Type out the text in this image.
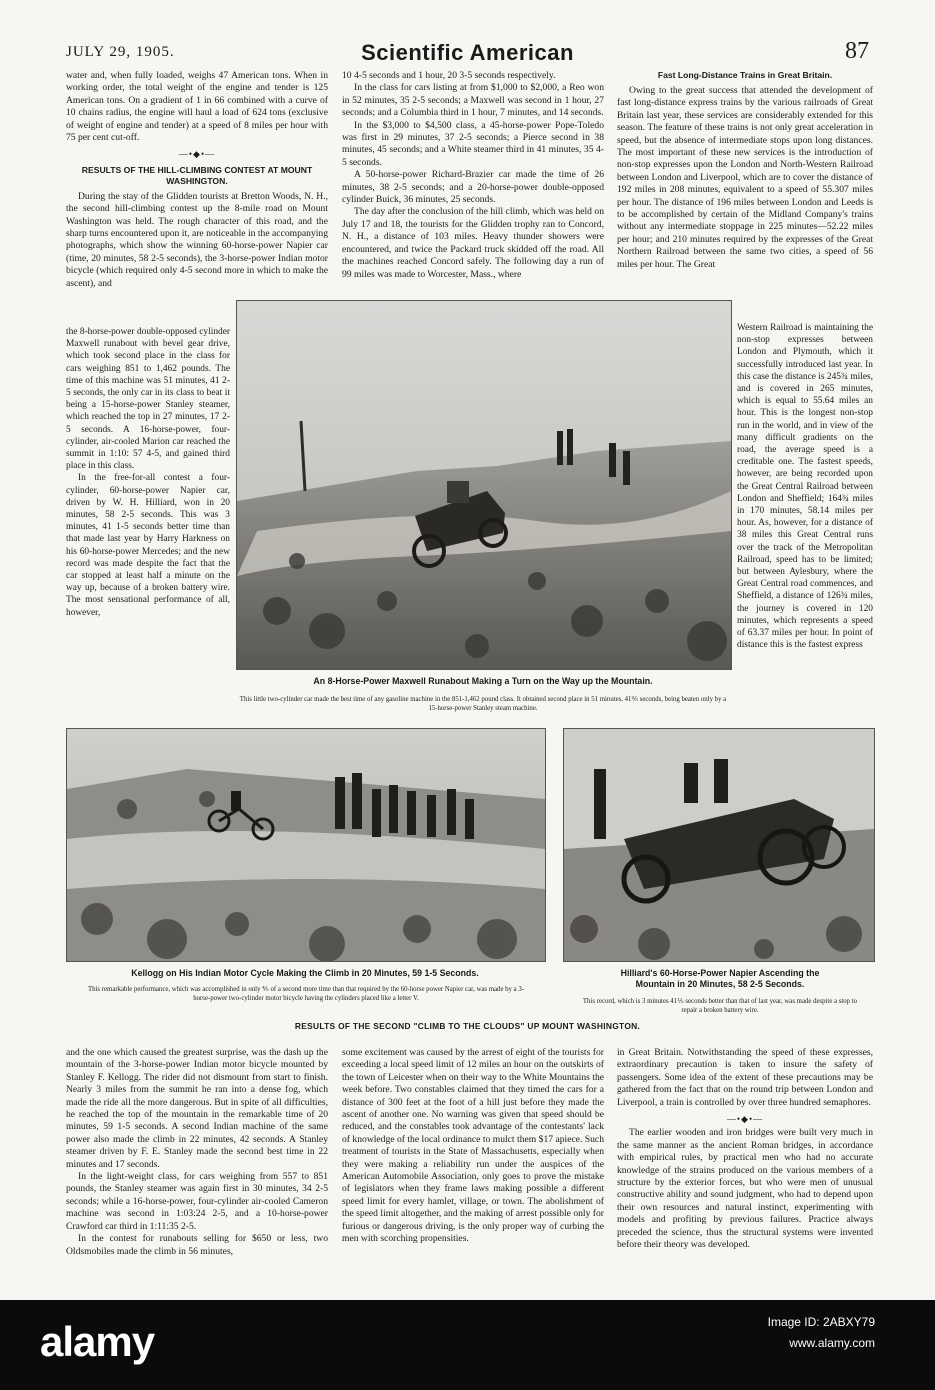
JULY 29, 1905.	Scientific American	87

water and, when fully loaded, weighs 47 American tons. When in working order, the total weight of the engine and tender is 125 American tons. On a gradient of 1 in 66 combined with a curve of 10 chains radius, the engine will haul a load of 624 tons (exclusive of weight of engine and tender) at a speed of 8 miles per hour with 75 per cent cut-off.

—•◆•—
RESULTS OF THE HILL-CLIMBING CONTEST AT MOUNT WASHINGTON.

During the stay of the Glidden tourists at Bretton Woods, N. H., the second hill-climbing contest up the 8-mile road on Mount Washington was held. The rough character of this road, and the sharp turns encountered upon it, are noticeable in the accompanying photographs, which show the winning 60-horse-power Napier car (time, 20 minutes, 58 2-5 seconds), the 3-horse-power Indian motor bicycle (which required only 4-5 second more in which to make the ascent), and

the 8-horse-power double-opposed cylinder Maxwell runabout with bevel gear drive, which took second place in the class for cars weighing 851 to 1,462 pounds. The time of this machine was 51 minutes, 41 2-5 seconds, the only car in its class to beat it being a 15-horse-power Stanley steamer, which reached the top in 27 minutes, 17 2-5 seconds. A 16-horse-power, four-cylinder, air-cooled Marion car reached the summit in 1:10: 57 4-5, and gained third place in this class.

In the free-for-all contest a four-cylinder, 60-horse-power Napier car, driven by W. H. Hilliard, won in 20 minutes, 58 2-5 seconds. This was 3 minutes, 41 1-5 seconds better time than that made last year by Harry Harkness on his 60-horse-power Mercedes; and the new record was made despite the fact that the car stopped at least half a minute on the way up, because of a broken battery wire. The most sensational performance of all, however,

10 4-5 seconds and 1 hour, 20 3-5 seconds respectively.

In the class for cars listing at from $1,000 to $2,000, a Reo won in 52 minutes, 35 2-5 seconds; a Maxwell was second in 1 hour, 27 seconds; and a Columbia third in 1 hour, 7 minutes, and 14 seconds.

In the $3,000 to $4,500 class, a 45-horse-power Pope-Toledo was first in 29 minutes, 37 2-5 seconds; a Pierce second in 38 minutes, 45 seconds; and a White steamer third in 41 minutes, 35 4-5 seconds.

A 50-horse-power Richard-Brazier car made the time of 26 minutes, 38 2-5 seconds; and a 20-horse-power double-opposed cylinder Buick, 36 minutes, 25 seconds.

The day after the conclusion of the hill climb, which was held on July 17 and 18, the tourists for the Glidden trophy ran to Concord, N. H., a distance of 103 miles. Heavy thunder showers were encountered, and twice the Packard truck skidded off the road. All the machines reached Concord safely. The following day a run of 99 miles was made to Worcester, Mass., where

Fast Long-Distance Trains in Great Britain.

Owing to the great success that attended the development of fast long-distance express trains by the various railroads of Great Britain last year, these services are considerably extended for this season. The feature of these trains is not only great acceleration in speed, but the absence of intermediate stops upon long distances. The most important of these new services is the introduction of non-stop expresses upon the London and North-Western Railroad between London and Liverpool, which are to cover the distance of 192 miles in 208 minutes, equivalent to a speed of 55.307 miles per hour. The distance of 196 miles between London and Leeds is to be accomplished by certain of the Midland Company's trains without any intermediate stoppage in 225 minutes—52.22 miles per hour; and 210 minutes required by the expresses of the Great Northern Railroad between the same two cities, a speed of 56 miles per hour. The Great

Western Railroad is maintaining the non-stop expresses between London and Plymouth, which it successfully introduced last year. In this case the distance is 245¾ miles, and is covered in 265 minutes, which is equal to 55.64 miles an hour. This is the longest non-stop run in the world, and in view of the many difficult gradients on the road, the average speed is a creditable one. The fastest speeds, however, are being recorded upon the Great Central Railroad between London and Sheffield; 164¾ miles in 170 minutes, 58.14 miles per hour. As, however, for a distance of 38 miles this Great Central runs over the track of the Metropolitan Railroad, speed has to be limited; but between Aylesbury, where the Great Central road commences, and Sheffield, a distance of 126¾ miles, the journey is covered in 120 minutes, which represents a speed of 63.37 miles per hour. In point of distance this is the fastest express

An 8-Horse-Power Maxwell Runabout Making a Turn on the Way up the Mountain.
This little two-cylinder car made the best time of any gasoline machine in the 851-1,462 pound class. It obtained second place in 51 minutes, 41⅖ seconds, being beaten only by a 15-horse-power Stanley steam machine.
Kellogg on His Indian Motor Cycle Making the Climb in 20 Minutes, 59 1-5 Seconds.
This remarkable performance, which was accomplished in only ⅘ of a second more time than that required by the 60-horse power Napier car, was made by a 3-horse-power two-cylinder motor bicycle having the cylinders placed like a letter V.
Hilliard's 60-Horse-Power Napier Ascending the Mountain in 20 Minutes, 58 2-5 Seconds.
This record, which is 3 minutes 41⅕ seconds better than that of last year, was made despite a stop to repair a broken battery wire.
RESULTS OF THE SECOND "CLIMB TO THE CLOUDS" UP MOUNT WASHINGTON.

and the one which caused the greatest surprise, was the dash up the mountain of the 3-horse-power Indian motor bicycle mounted by Stanley F. Kellogg. The rider did not dismount from start to finish. Nearly 3 miles from the summit he ran into a dense fog, which made the ride all the more dangerous. But in spite of all difficulties, he reached the top of the mountain in the remarkable time of 20 minutes, 59 1-5 seconds. A second Indian machine of the same power also made the climb in 22 minutes, 42 seconds. A Stanley steamer driven by F. E. Stanley made the second best time in 22 minutes and 17 seconds.

In the light-weight class, for cars weighing from 557 to 851 pounds, the Stanley steamer was again first in 30 minutes, 34 2-5 seconds; while a 16-horse-power, four-cylinder air-cooled Cameron machine was second in 1:03:24 2-5, and a 10-horse-power Crawford car third in 1:11:35 2-5.

In the contest for runabouts selling for $650 or less, two Oldsmobiles made the climb in 56 minutes,

some excitement was caused by the arrest of eight of the tourists for exceeding a local speed limit of 12 miles an hour on the outskirts of the town of Leicester when on their way to the White Mountains the week before. Two constables claimed that they timed the cars for a distance of 300 feet at the foot of a hill just before they made the ascent of another one. No warning was given that speed should be reduced, and the constables took advantage of the contestants' lack of knowledge of the local ordinance to mulct them $17 apiece. Such treatment of tourists in the State of Massachusetts, especially when they were making a reliability run under the auspices of the American Automobile Association, only goes to prove the mistake of legislators when they frame laws making possible a different speed limit for every hamlet, village, or town. The abolishment of the speed limit altogether, and the making of arrest possible only for furious or dangerous driving, is the only proper way of curbing the men with scorching propensities.

in Great Britain. Notwithstanding the speed of these expresses, extraordinary precaution is taken to insure the safety of passengers. Some idea of the extent of these precautions may be gathered from the fact that on the round trip between London and Liverpool, a train is controlled by over three hundred semaphores.

—•◆•—

The earlier wooden and iron bridges were built very much in the same manner as the ancient Roman bridges, in accordance with empirical rules, by practical men who had no accurate knowledge of the strains produced on the various members of a structure by the exterior forces, but who were men of unusual constructive ability and sound judgment, who had to depend upon their own resources and natural instinct, experimenting with models and profiting by previous failures. Practice always preceded the science, thus the structural systems were invented before their theory was developed.

alamy	Image ID: 2ABXY79
www.alamy.com
